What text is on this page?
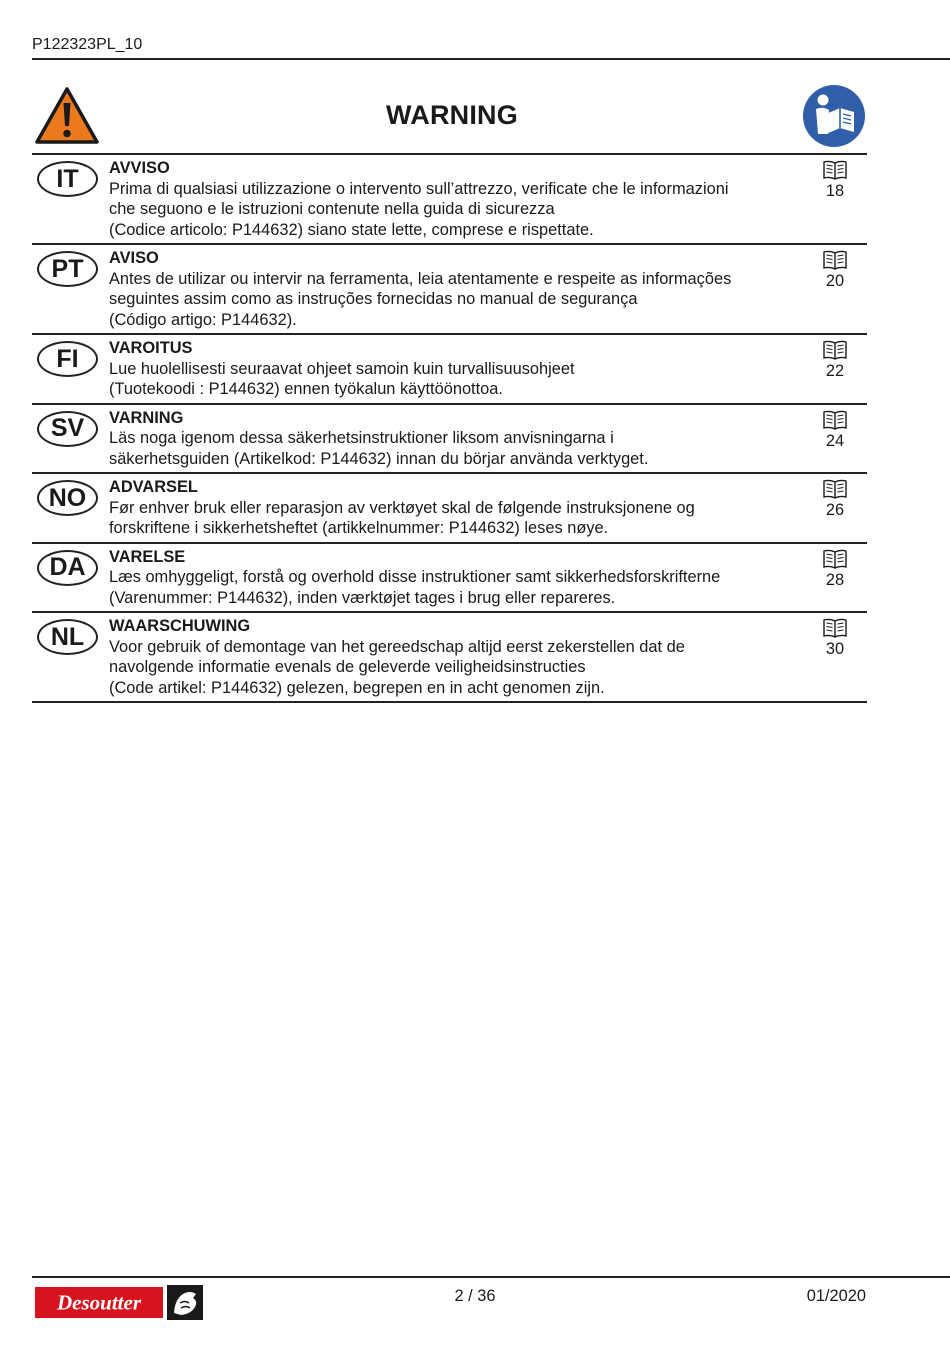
P122323PL_10
WARNING
IT	AVVISO
Prima di qualsiasi utilizzazione o intervento sull’attrezzo, verificate che le informazioni
che seguono e le istruzioni contenute nella guida di sicurezza
(Codice articolo: P144632) siano state lette, comprese e rispettate.
18
PT	AVISO
Antes de utilizar ou intervir na ferramenta, leia atentamente e respeite as informações
seguintes assim como as instruções fornecidas no manual de segurança
(Código artigo: P144632).
20
FI	VAROITUS
Lue huolellisesti seuraavat ohjeet samoin kuin turvallisuusohjeet
(Tuotekoodi : P144632) ennen työkalun käyttöönottoa.
22
SV	VARNING
Läs noga igenom dessa säkerhetsinstruktioner liksom anvisningarna i
säkerhetsguiden (Artikelkod: P144632) innan du börjar använda verktyget.
24
NO	ADVARSEL
Før enhver bruk eller reparasjon av verktøyet skal de følgende instruksjonene og
forskriftene i sikkerhetsheftet (artikkelnummer: P144632) leses nøye.
26
DA	VARELSE
Læs omhyggeligt, forstå og overhold disse instruktioner samt sikkerhedsforskrifterne
(Varenummer: P144632), inden værktøjet tages i brug eller repareres.
28
NL	WAARSCHUWING
Voor gebruik of demontage van het gereedschap altijd eerst zekerstellen dat de
navolgende informatie evenals de geleverde veiligheidsinstructies
(Code artikel: P144632) gelezen, begrepen en in acht genomen zijn.
30
Desoutter	2 / 36	01/2020
